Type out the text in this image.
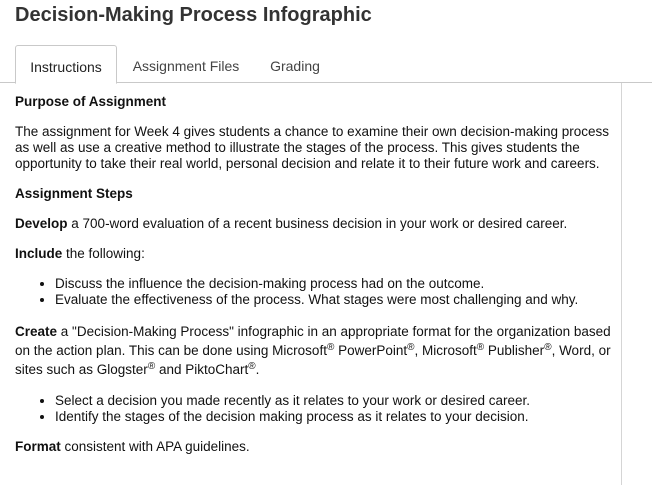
Decision-Making Process Infographic
Instructions	Assignment Files	Grading

Purpose of Assignment

The assignment for Week 4 gives students a chance to examine their own decision-making process as well as use a creative method to illustrate the stages of the process. This gives students the opportunity to take their real world, personal decision and relate it to their future work and careers.

Assignment Steps

Develop a 700-word evaluation of a recent business decision in your work or desired career.

Include the following:

• Discuss the influence the decision-making process had on the outcome.
• Evaluate the effectiveness of the process. What stages were most challenging and why.

Create a "Decision-Making Process" infographic in an appropriate format for the organization based on the action plan. This can be done using Microsoft® PowerPoint®, Microsoft® Publisher®, Word, or sites such as Glogster® and PiktoChart®.

• Select a decision you made recently as it relates to your work or desired career.
• Identify the stages of the decision making process as it relates to your decision.

Format consistent with APA guidelines.
